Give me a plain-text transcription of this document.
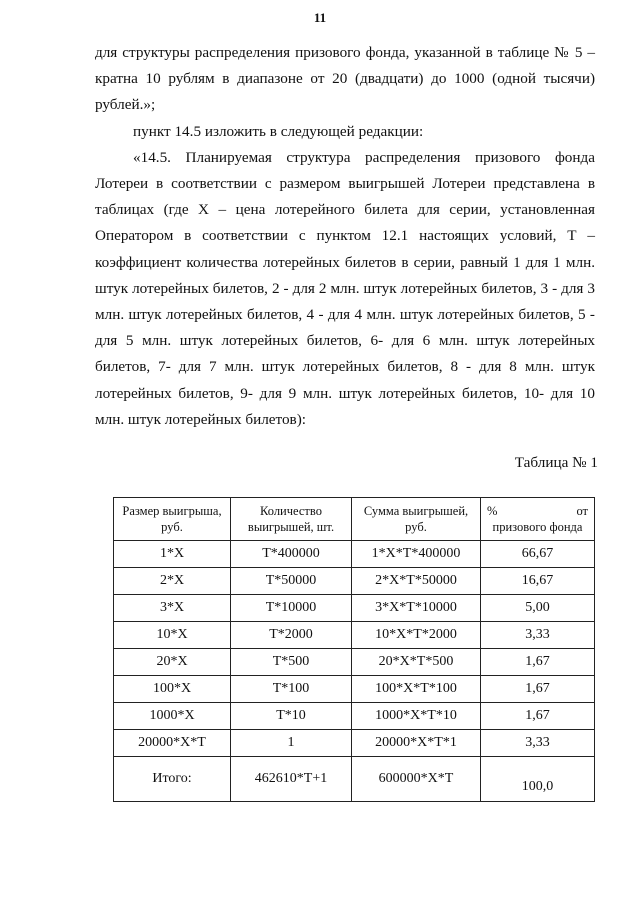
11

для структуры распределения призового фонда, указанной в таблице № 5 – кратна 10 рублям в диапазоне от 20 (двадцати) до 1000 (одной тысячи) рублей.»;

пункт 14.5 изложить в следующей редакции:

«14.5. Планируемая структура распределения призового фонда Лотереи в соответствии с размером выигрышей Лотереи представлена в таблицах (где Х – цена лотерейного билета для серии, установленная Оператором в соответствии с пунктом 12.1 настоящих условий, Т – коэффициент количества лотерейных билетов в серии, равный 1 для 1 млн. штук лотерейных билетов, 2 - для 2 млн. штук лотерейных билетов, 3 - для 3 млн. штук лотерейных билетов, 4 - для 4 млн. штук лотерейных билетов, 5 - для 5 млн. штук лотерейных билетов, 6- для 6 млн. штук лотерейных билетов, 7- для 7 млн. штук лотерейных билетов, 8 - для 8 млн. штук лотерейных билетов, 9- для 9 млн. штук лотерейных билетов, 10- для 10 млн. штук лотерейных билетов):

Таблица № 1
Размер выигрыша, руб.	Количество выигрышей, шт.	Сумма выигрышей, руб.	% от
призового фонда

1*Х	Т*400000	1*Х*Т*400000	66,67
2*Х	Т*50000	2*Х*Т*50000	16,67
3*Х	Т*10000	3*Х*Т*10000	5,00
10*Х	Т*2000	10*Х*Т*2000	3,33
20*Х	Т*500	20*Х*Т*500	1,67
100*Х	Т*100	100*Х*Т*100	1,67
1000*Х	Т*10	1000*Х*Т*10	1,67
20000*Х*Т	1	20000*Х*Т*1	3,33
Итого:	462610*Т+1	600000*Х*Т	100,0
